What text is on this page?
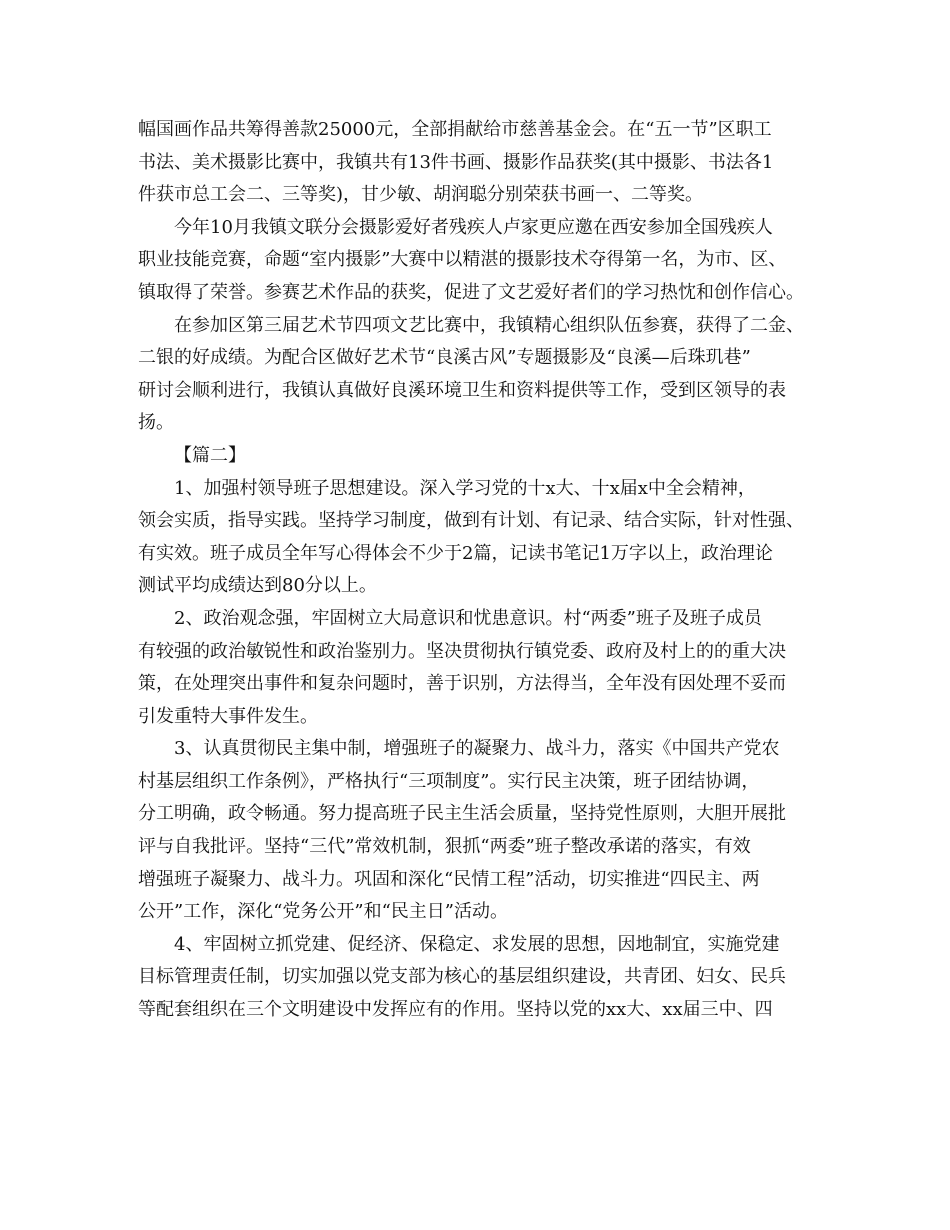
幅国画作品共筹得善款25000元，全部捐献给市慈善基金会。在“五一节”区职工
书法、美术摄影比赛中，我镇共有13件书画、摄影作品获奖(其中摄影、书法各1
件获市总工会二、三等奖)，甘少敏、胡润聪分别荣获书画一、二等奖。

今年10月我镇文联分会摄影爱好者残疾人卢家更应邀在西安参加全国残疾人
职业技能竞赛，命题“室内摄影”大赛中以精湛的摄影技术夺得第一名，为市、区、
镇取得了荣誉。参赛艺术作品的获奖，促进了文艺爱好者们的学习热忱和创作信心。

在参加区第三届艺术节四项文艺比赛中，我镇精心组织队伍参赛，获得了二金、
二银的好成绩。为配合区做好艺术节“良溪古风”专题摄影及“良溪—后珠玑巷”
研讨会顺利进行，我镇认真做好良溪环境卫生和资料提供等工作，受到区领导的表
扬。

【篇二】

1、加强村领导班子思想建设。深入学习党的十x大、十x届x中全会精神，
领会实质，指导实践。坚持学习制度，做到有计划、有记录、结合实际，针对性强、
有实效。班子成员全年写心得体会不少于2篇，记读书笔记1万字以上，政治理论
测试平均成绩达到80分以上。

2、政治观念强，牢固树立大局意识和忧患意识。村“两委”班子及班子成员
有较强的政治敏锐性和政治鉴别力。坚决贯彻执行镇党委、政府及村上的的重大决
策，在处理突出事件和复杂问题时，善于识别，方法得当，全年没有因处理不妥而
引发重特大事件发生。

3、认真贯彻民主集中制，增强班子的凝聚力、战斗力，落实《中国共产党农
村基层组织工作条例》，严格执行“三项制度”。实行民主决策，班子团结协调，
分工明确，政令畅通。努力提高班子民主生活会质量，坚持党性原则，大胆开展批
评与自我批评。坚持“三代”常效机制，狠抓“两委”班子整改承诺的落实，有效
增强班子凝聚力、战斗力。巩固和深化“民情工程”活动，切实推进“四民主、两
公开”工作，深化“党务公开”和“民主日”活动。

4、牢固树立抓党建、促经济、保稳定、求发展的思想，因地制宜，实施党建
目标管理责任制，切实加强以党支部为核心的基层组织建设，共青团、妇女、民兵
等配套组织在三个文明建设中发挥应有的作用。坚持以党的xx大、xx届三中、四
